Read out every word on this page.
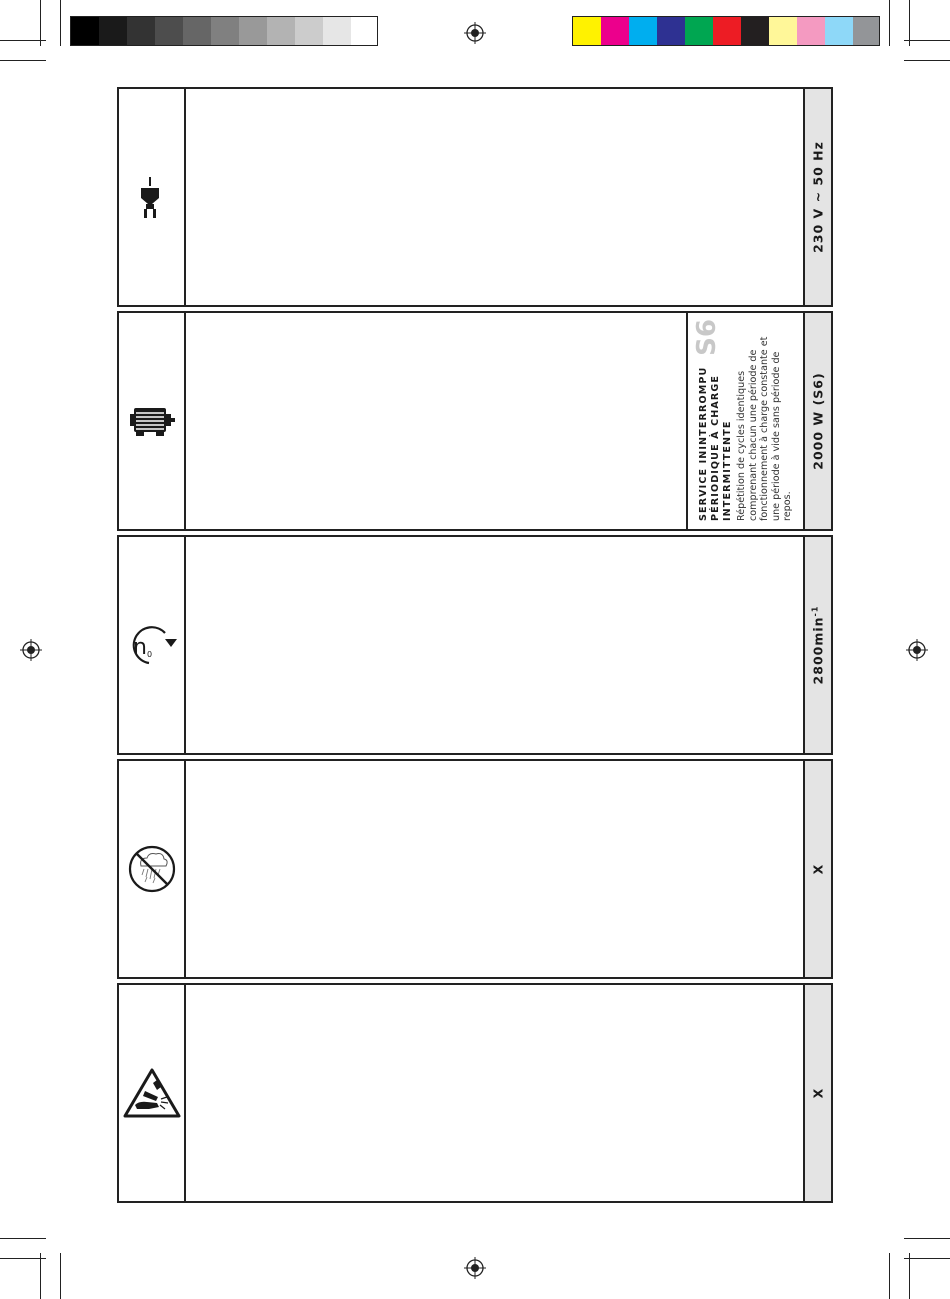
230 V ~ 50 Hz
S6
SERVICE ININTERROMPU PÉRIODIQUE À CHARGE INTERMITTENTE Répétition de cycles identiques comprenant chacun une période de fonctionnement à charge constante et une période à vide sans période de repos.
2000 W (S6)
n 0	$2800\min^{-1}$
X
X
